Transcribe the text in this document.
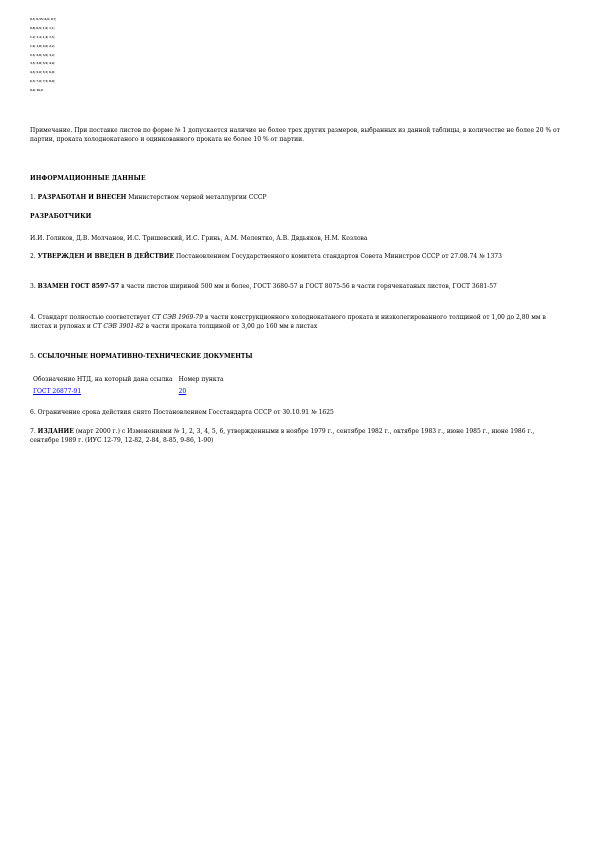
0,5; 0,55; 0,6; 0,7;																							
0,8; 0,9; 1,0; 1,1;																							
1,2; 1,3; 1,4; 1,5;																							
1,6; 1,8; 2,0; 2,2;																							
2,5; 2,8; 3,0; 3,2;																							
3,5; 3,8; 3,9; 4,0;																							
4,5; 5,0; 5,5; 6,0;																							
6,5; 7,0; 7,5; 8,0;																							
9,0; 10,0																							

Примечание. При поставке листов по форме № 1 допускается наличие не более трех других размеров, выбранных из данной таблицы, в количестве не более 20 % от партии, проката холоднокатаного и оцинкованного проката не более 10 % от партии.

ИНФОРМАЦИОННЫЕ ДАННЫЕ

1. РАЗРАБОТАН И ВНЕСЕН Министерством черной металлургии СССР

РАЗРАБОТЧИКИ

И.И. Голиков, Д.В. Молчанов, И.С. Тришевский, И.С. Гринь, А.М. Мелентко, А.В. Двдьяков, Н.М. Козлова

2. УТВЕРЖДЕН И ВВЕДЕН В ДЕЙСТВИЕ Постановлением Государственного комитета стандартов Совета Министров СССР от 27.08.74 № 1373

3. ВЗАМЕН ГОСТ 8597-57 в части листов шириной 500 мм и более, ГОСТ 3680-57 и ГОСТ 8075-56 в части горячекатаных листов, ГОСТ 3681-57

4. Стандарт полностью соответствует СТ СЭВ 1969-79 в части конструкционного холоднокатаного проката и низколегированного толщиной от 1,00 до 2,80 мм в листах и рулонах и СТ СЭВ 3901-82 в части проката толщиной от 3,00 до 160 мм в листах

5. ССЫЛОЧНЫЕ НОРМАТИВНО-ТЕХНИЧЕСКИЕ ДОКУМЕНТЫ

Обозначение НТД, на который дана ссылка	Номер пункта
ГОСТ 26877-91	20

6. Ограничение срока действия снято Постановлением Госстандарта СССР от 30.10.91 № 1625

7. ИЗДАНИЕ (март 2000 г.) с Изменениями № 1, 2, 3, 4, 5, 6, утвержденными в ноябре 1979 г., сентябре 1982 г., октябре 1983 г., июне 1985 г., июне 1986 г., сентябре 1989 г. (ИУС 12-79, 12-82, 2-84, 8-85, 9-86, 1-90)
